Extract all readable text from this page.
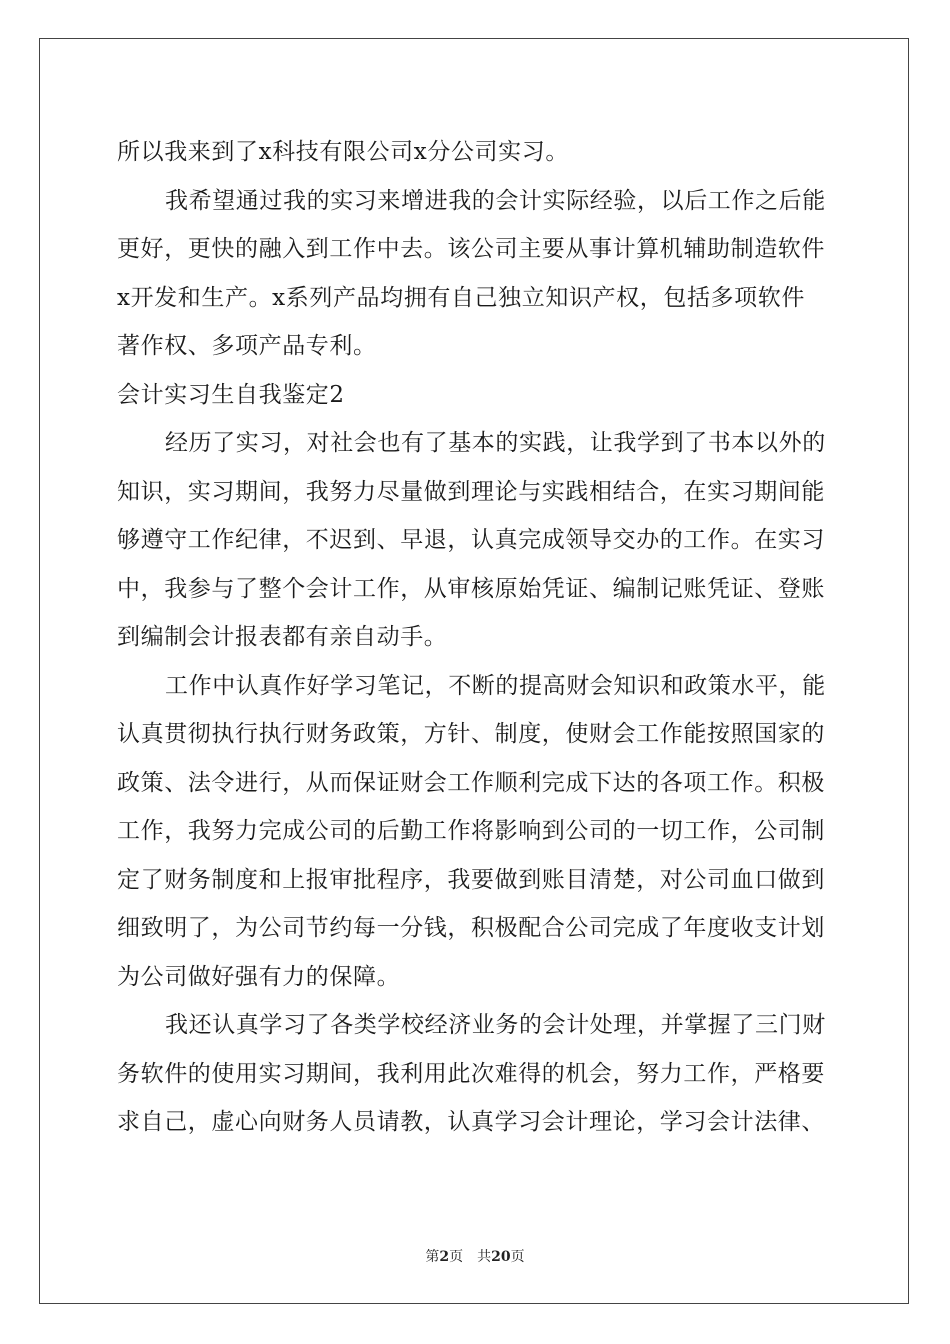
所以我来到了x科技有限公司x分公司实习。
我希望通过我的实习来增进我的会计实际经验，以后工作之后能
更好，更快的融入到工作中去。该公司主要从事计算机辅助制造软件
x开发和生产。x系列产品均拥有自己独立知识产权，包括多项软件
著作权、多项产品专利。
会计实习生自我鉴定2
经历了实习，对社会也有了基本的实践，让我学到了书本以外的
知识，实习期间，我努力尽量做到理论与实践相结合，在实习期间能
够遵守工作纪律，不迟到、早退，认真完成领导交办的工作。在实习
中，我参与了整个会计工作，从审核原始凭证、编制记账凭证、登账
到编制会计报表都有亲自动手。
工作中认真作好学习笔记，不断的提高财会知识和政策水平，能
认真贯彻执行执行财务政策，方针、制度，使财会工作能按照国家的
政策、法令进行，从而保证财会工作顺利完成下达的各项工作。积极
工作，我努力完成公司的后勤工作将影响到公司的一切工作，公司制
定了财务制度和上报审批程序，我要做到账目清楚，对公司血口做到
细致明了，为公司节约每一分钱，积极配合公司完成了年度收支计划
为公司做好强有力的保障。
我还认真学习了各类学校经济业务的会计处理，并掌握了三门财
务软件的使用实习期间，我利用此次难得的机会，努力工作，严格要
求自己，虚心向财务人员请教，认真学习会计理论，学习会计法律、
第2页 共20页
